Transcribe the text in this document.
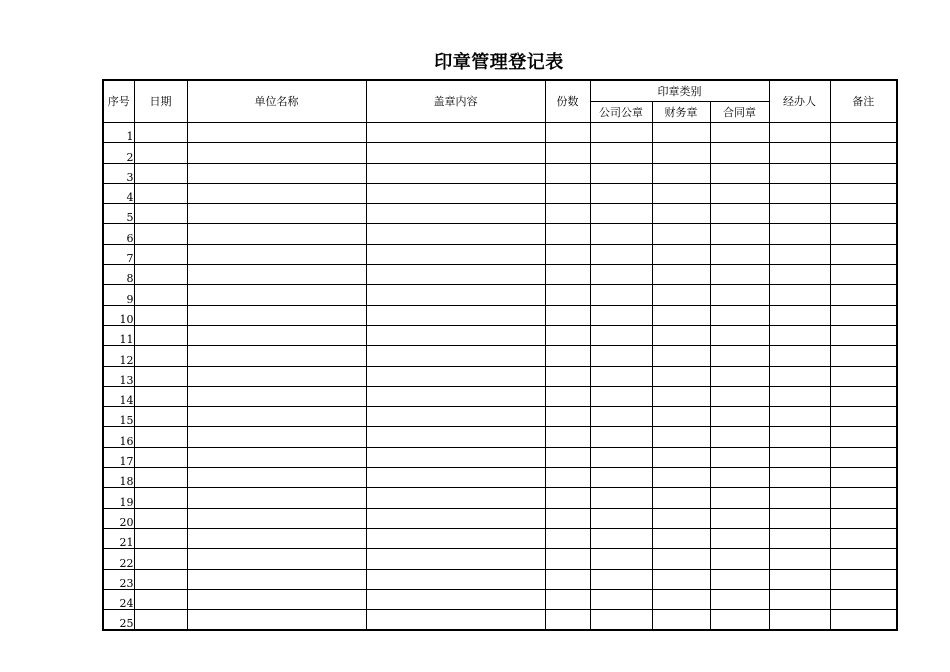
印章管理登记表
序号	日期	单位名称	盖章内容	份数	印章类别			经办人	备注
					公司公章	财务章	合同章		
1									
2									
3									
4									
5									
6									
7									
8									
9									
10									
11									
12									
13									
14									
15									
16									
17									
18									
19									
20									
21									
22									
23									
24									
25									
